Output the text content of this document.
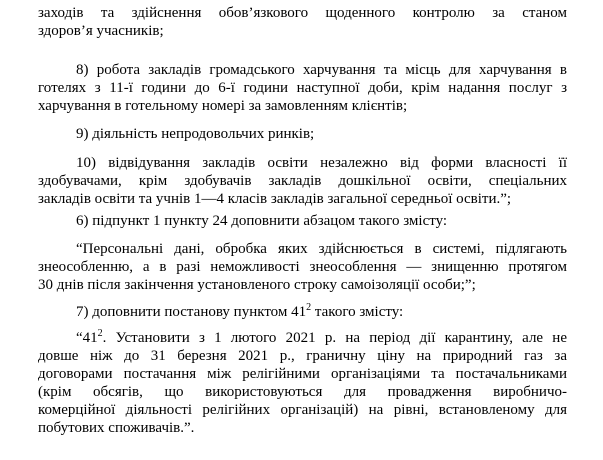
заходів та здійснення обов’язкового щоденного контролю за станом
здоров’я учасників;
8) робота закладів громадського харчування та місць для харчування в
готелях з 11-ї години до 6-ї години наступної доби, крім надання послуг з
харчування в готельному номері за замовленням клієнтів;
9) діяльність непродовольчих ринків;
10) відвідування закладів освіти незалежно від форми власності її
здобувачами, крім здобувачів закладів дошкільної освіти, спеціальних
закладів освіти та учнів 1—4 класів закладів загальної середньої освіти.”;
6) підпункт 1 пункту 24 доповнити абзацом такого змісту:
“Персональні дані, обробка яких здійснюється в системі, підлягають
знеособленню, а в разі неможливості знеособлення — знищенню протягом
30 днів після закінчення установленого строку самоізоляції особи;”;
7) доповнити постанову пунктом $41^2$ такого змісту:
“$41^2$. Установити з 1 лютого 2021 р. на період дії карантину, але не
довше ніж до 31 березня 2021 р., граничну ціну на природний газ за
договорами постачання між релігійними організаціями та постачальниками
(крім обсягів, що використовуються для провадження виробничо-
комерційної діяльності релігійних організацій) на рівні, встановленому для
побутових споживачів.”.
